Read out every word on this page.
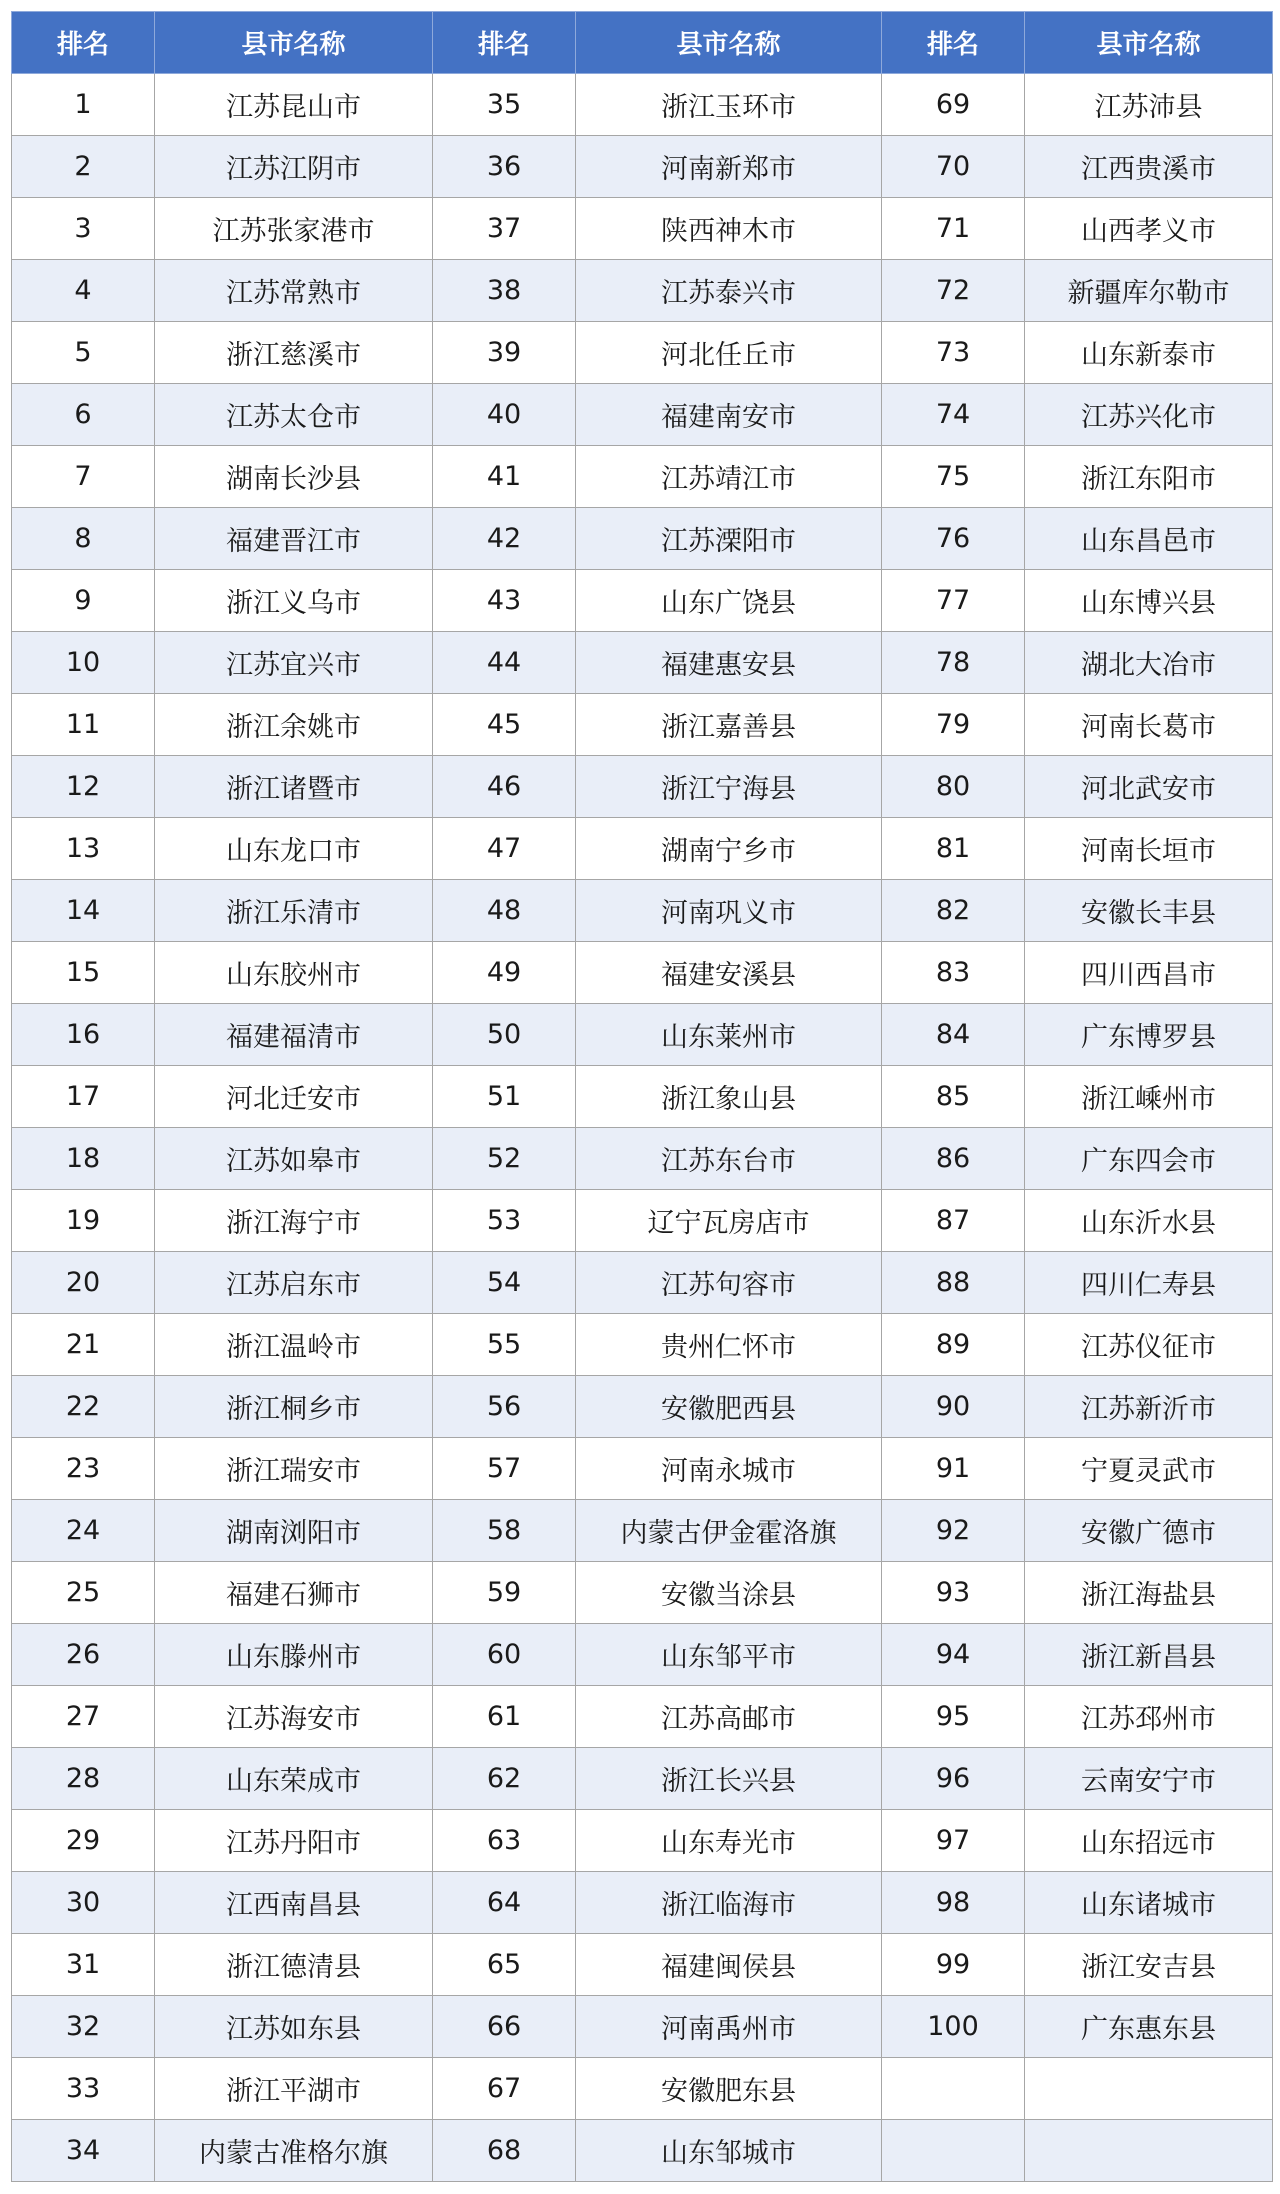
排名	县市名称	排名	县市名称	排名	县市名称
1	江苏昆山市	35	浙江玉环市	69	江苏沛县
2	江苏江阴市	36	河南新郑市	70	江西贵溪市
3	江苏张家港市	37	陕西神木市	71	山西孝义市
4	江苏常熟市	38	江苏泰兴市	72	新疆库尔勒市
5	浙江慈溪市	39	河北任丘市	73	山东新泰市
6	江苏太仓市	40	福建南安市	74	江苏兴化市
7	湖南长沙县	41	江苏靖江市	75	浙江东阳市
8	福建晋江市	42	江苏溧阳市	76	山东昌邑市
9	浙江义乌市	43	山东广饶县	77	山东博兴县
10	江苏宜兴市	44	福建惠安县	78	湖北大冶市
11	浙江余姚市	45	浙江嘉善县	79	河南长葛市
12	浙江诸暨市	46	浙江宁海县	80	河北武安市
13	山东龙口市	47	湖南宁乡市	81	河南长垣市
14	浙江乐清市	48	河南巩义市	82	安徽长丰县
15	山东胶州市	49	福建安溪县	83	四川西昌市
16	福建福清市	50	山东莱州市	84	广东博罗县
17	河北迁安市	51	浙江象山县	85	浙江嵊州市
18	江苏如皋市	52	江苏东台市	86	广东四会市
19	浙江海宁市	53	辽宁瓦房店市	87	山东沂水县
20	江苏启东市	54	江苏句容市	88	四川仁寿县
21	浙江温岭市	55	贵州仁怀市	89	江苏仪征市
22	浙江桐乡市	56	安徽肥西县	90	江苏新沂市
23	浙江瑞安市	57	河南永城市	91	宁夏灵武市
24	湖南浏阳市	58	内蒙古伊金霍洛旗	92	安徽广德市
25	福建石狮市	59	安徽当涂县	93	浙江海盐县
26	山东滕州市	60	山东邹平市	94	浙江新昌县
27	江苏海安市	61	江苏高邮市	95	江苏邳州市
28	山东荣成市	62	浙江长兴县	96	云南安宁市
29	江苏丹阳市	63	山东寿光市	97	山东招远市
30	江西南昌县	64	浙江临海市	98	山东诸城市
31	浙江德清县	65	福建闽侯县	99	浙江安吉县
32	江苏如东县	66	河南禹州市	100	广东惠东县
33	浙江平湖市	67	安徽肥东县		
34	内蒙古准格尔旗	68	山东邹城市		
